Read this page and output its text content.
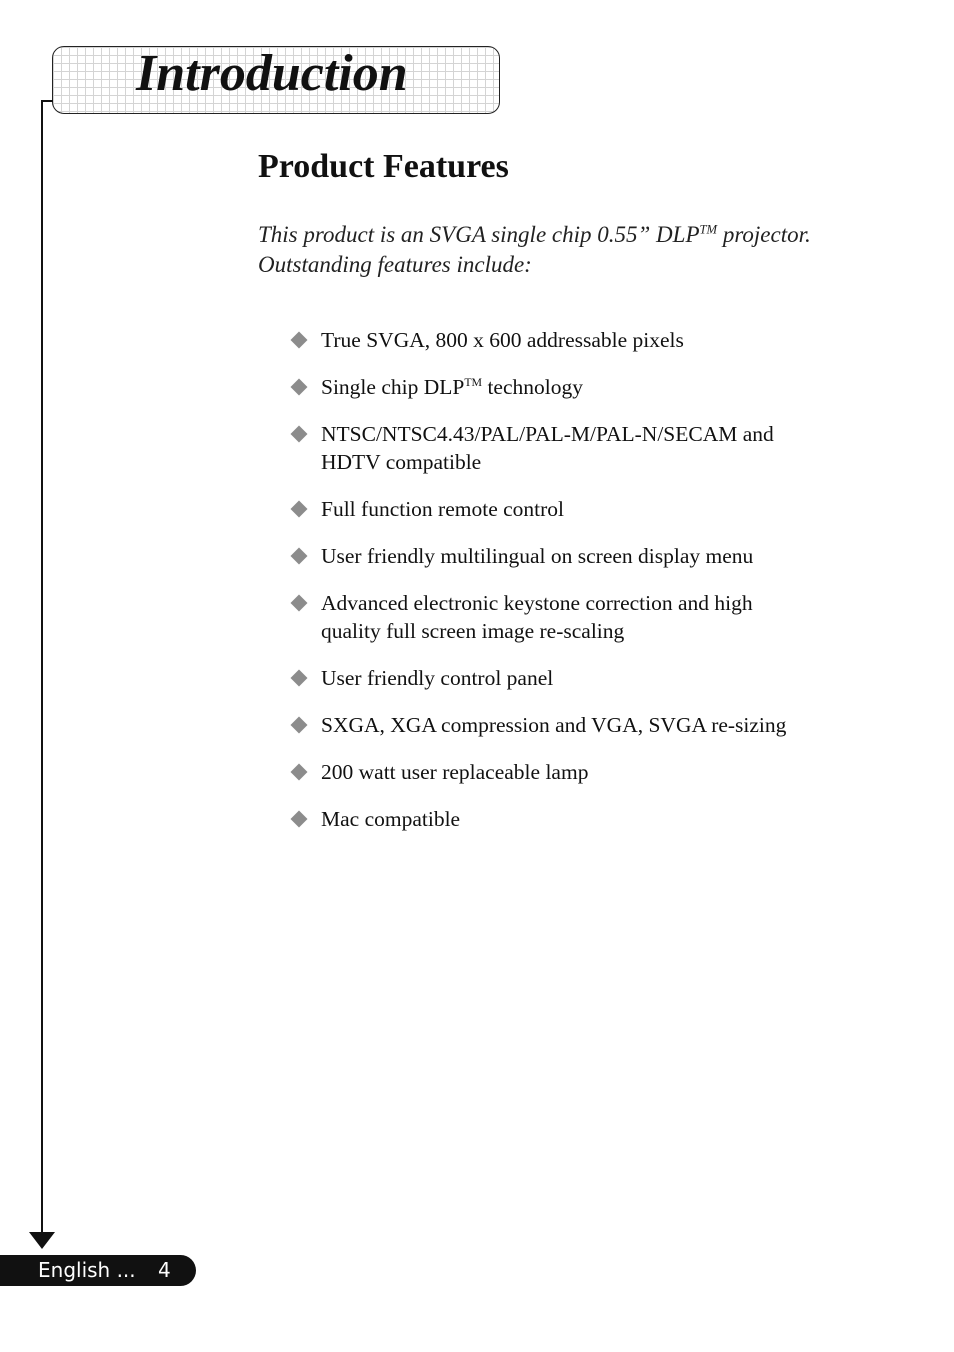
Introduction
Product Features

This product is an SVGA single chip 0.55” DLP™ projector.
Outstanding features include:

True SVGA, 800 x 600 addressable pixels
Single chip DLP™ technology
NTSC/NTSC4.43/PAL/PAL-M/PAL-N/SECAM and
HDTV compatible
Full function remote control
User friendly multilingual on screen display menu
Advanced electronic keystone correction and high
quality full screen image re-scaling
User friendly control panel
SXGA, XGA compression and VGA, SVGA re-sizing
200 watt user replaceable lamp
Mac compatible
English ... 4
